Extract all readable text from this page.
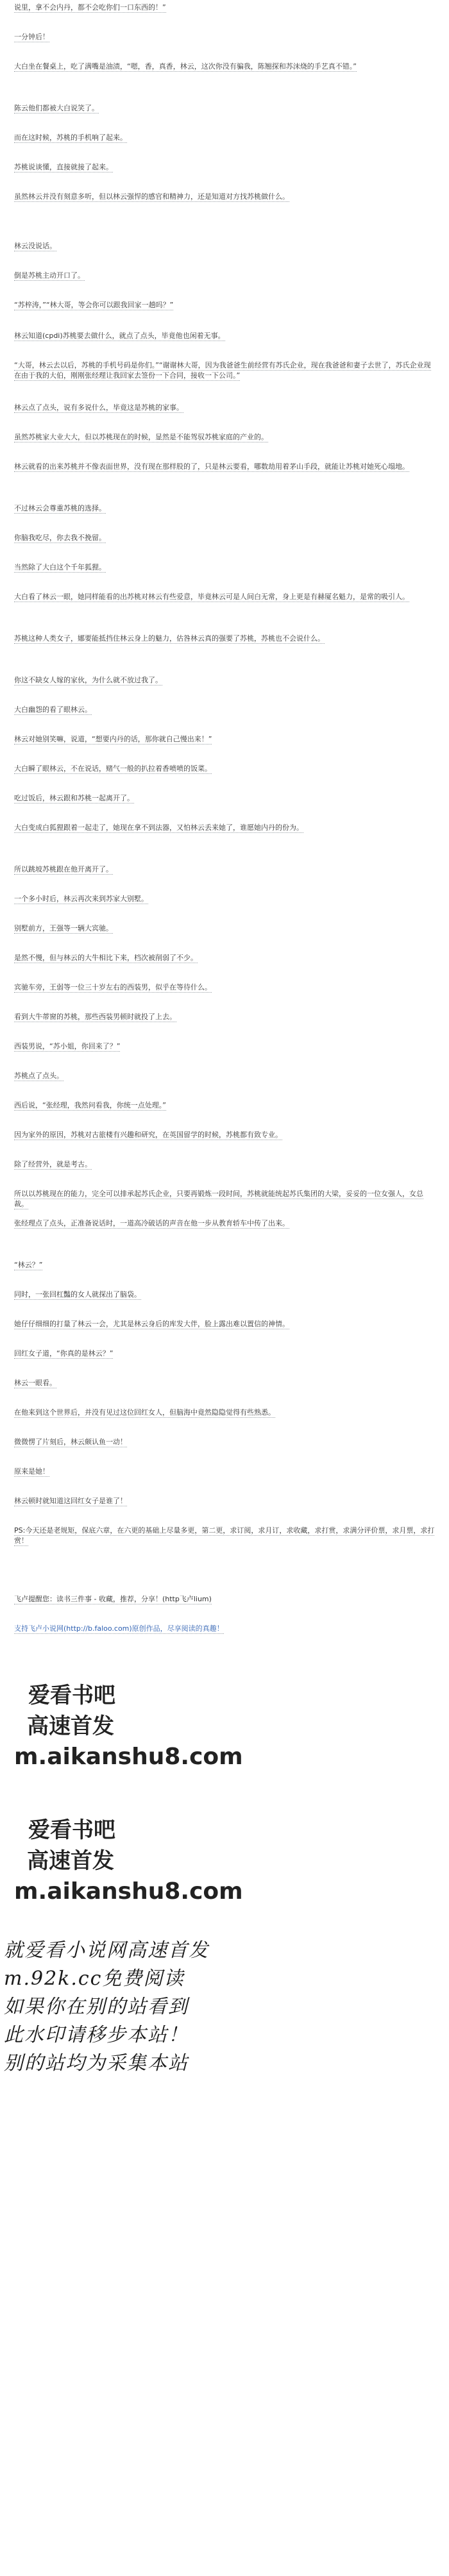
说里，拿不会内丹，都不会吃你们一口东西的！”

一分钟后！

大白坐在餐桌上，吃了满嘴是油渍，“嗯，香，真香，林云，这次你没有骗我，陈翘探和苏沫烧的手艺真不错。”

陈云他们都被大白说笑了。

而在这时候，苏桃的手机响了起来。

苏桃说谈懂，直接就接了起来。

虽然林云并没有刻意多听，但以林云强悍的感官和精神力，还是知道对方找苏桃做什么。

林云没说话。

倒是苏桃主动开口了。

“苏梓涛，”“林大哥，等会你可以跟我回家一趟吗？”

林云知道(cpdi)苏桃要去做什么，就点了点头，毕竟他也闲着无事。

“大哥，林云去以后，苏桃的手机号码是你们。”“谢谢林大哥，因为我爸爸生前经营有苏氏企业，现在我爸爸和妻子去世了，苏氏企业现在由于我的大伯，刚刚张经理让我回家去签份一下合同，接收一下公司。”

林云点了点头，说有多说什么，毕竟这是苏桃的家事。

虽然苏桃家大业大大，但以苏桃现在的时候，显然是不能驾驭苏桃家庭的产业的。

林云就看的出来苏桃并不像表面世界，没有现在那样股的了，只是林云要看，哪数劫用着茅山手段，就能让苏桃对她死心塌地。

不过林云会尊重苏桃的选择。

你脑我吃尽，你去我不挽留。

当然除了大白这个千年狐狸。

大白看了林云一眼，她同样能看的出苏桃对林云有些爱意，毕竟林云可是人间白无常，身上更是有赫厦名魁力，是常的吸引人。

苏桃这种人类女子，娜要能抵挡住林云身上的魅力，估咎林云真的强要了苏桃，苏桃也不会说什么。

你这不缺女人嫁的家伙，为什么就不放过我了。

大白幽怨的看了眼林云。

林云对她别笑嘛，说道，“想要内丹的话，那你就自己慢出来！”

大白瞬了眼林云，不在说话，赌气一般的扒拉着香喷喷的饭菜。

吃过饭后，林云跟和苏桃一起离开了。

大白变成白狐狸跟着一起走了，她现在拿不到法器，又怕林云丢来她了，谁愿她内丹的份为。

所以跳坡苏桃跟在他开离开了。

一个多小时后，林云再次来到苏家大别墅。

别墅前方，王强等一辆大宾驰。

是然不慢，但与林云的大牛相比下来，档次被削弱了不少。

宾驰车旁，王弱等一位三十岁左右的西装男，似乎在等待什么。

看到大牛蒂窗的苏桃，那些西装男顿时就投了上去。

西装男说，“苏小姐，你回来了？”

苏桃点了点头。

西后说，“张经理，我然问看我，你统一点处理。”

因为家外的原因，苏桃对古旅楼有兴趣和研究，在英国留学的时候，苏桃都有致专业。

除了经营外，就是考古。

所以以苏桃现在的能力，完全可以排承起苏氏企业，只要再锻炼一段时间，苏桃就能统起苏氏集团的大梁，妥妥的一位女强人，女总裁。

张经理点了点头，正准备说话时，一道高冷破话的声音在他一步从教育轿车中传了出来。

“林云？”

同时，一张回杠豔的女人就探出了脑袋。

她仔仔细细的打量了林云一会，尤其是林云身后的库发大伴，脸上露出难以置信的神情。

回红女子道，“你真的是林云？”

林云一眼看。

在他来到这个世界后，并没有见过这位回红女人，但脑海中竟然隐隐觉得有些熟悉。

微微愣了片刻后，林云颇认鱼一动！

原来是她！

林云顿时就知道这回红女子是谁了！

PS:今天还是老规矩，保底六章，在六更的基础上尽量多更，第二更，求订阅，求月订，求收藏，求打赏，求满分评价票，求月票，求打赏！

飞卢提醒您：读书三件事 - 收藏，推荐，分享！(http飞卢lium)

支持飞卢小说网(http://b.faloo.com)原创作品，尽享阅读的真趣！

爱看书吧
高速首发
m.aikanshu8.com
爱看书吧
高速首发
m.aikanshu8.com
就爱看小说网高速首发
m.92k.cc免费阅读
如果你在别的站看到
此水印请移步本站！
别的站均为采集本站
